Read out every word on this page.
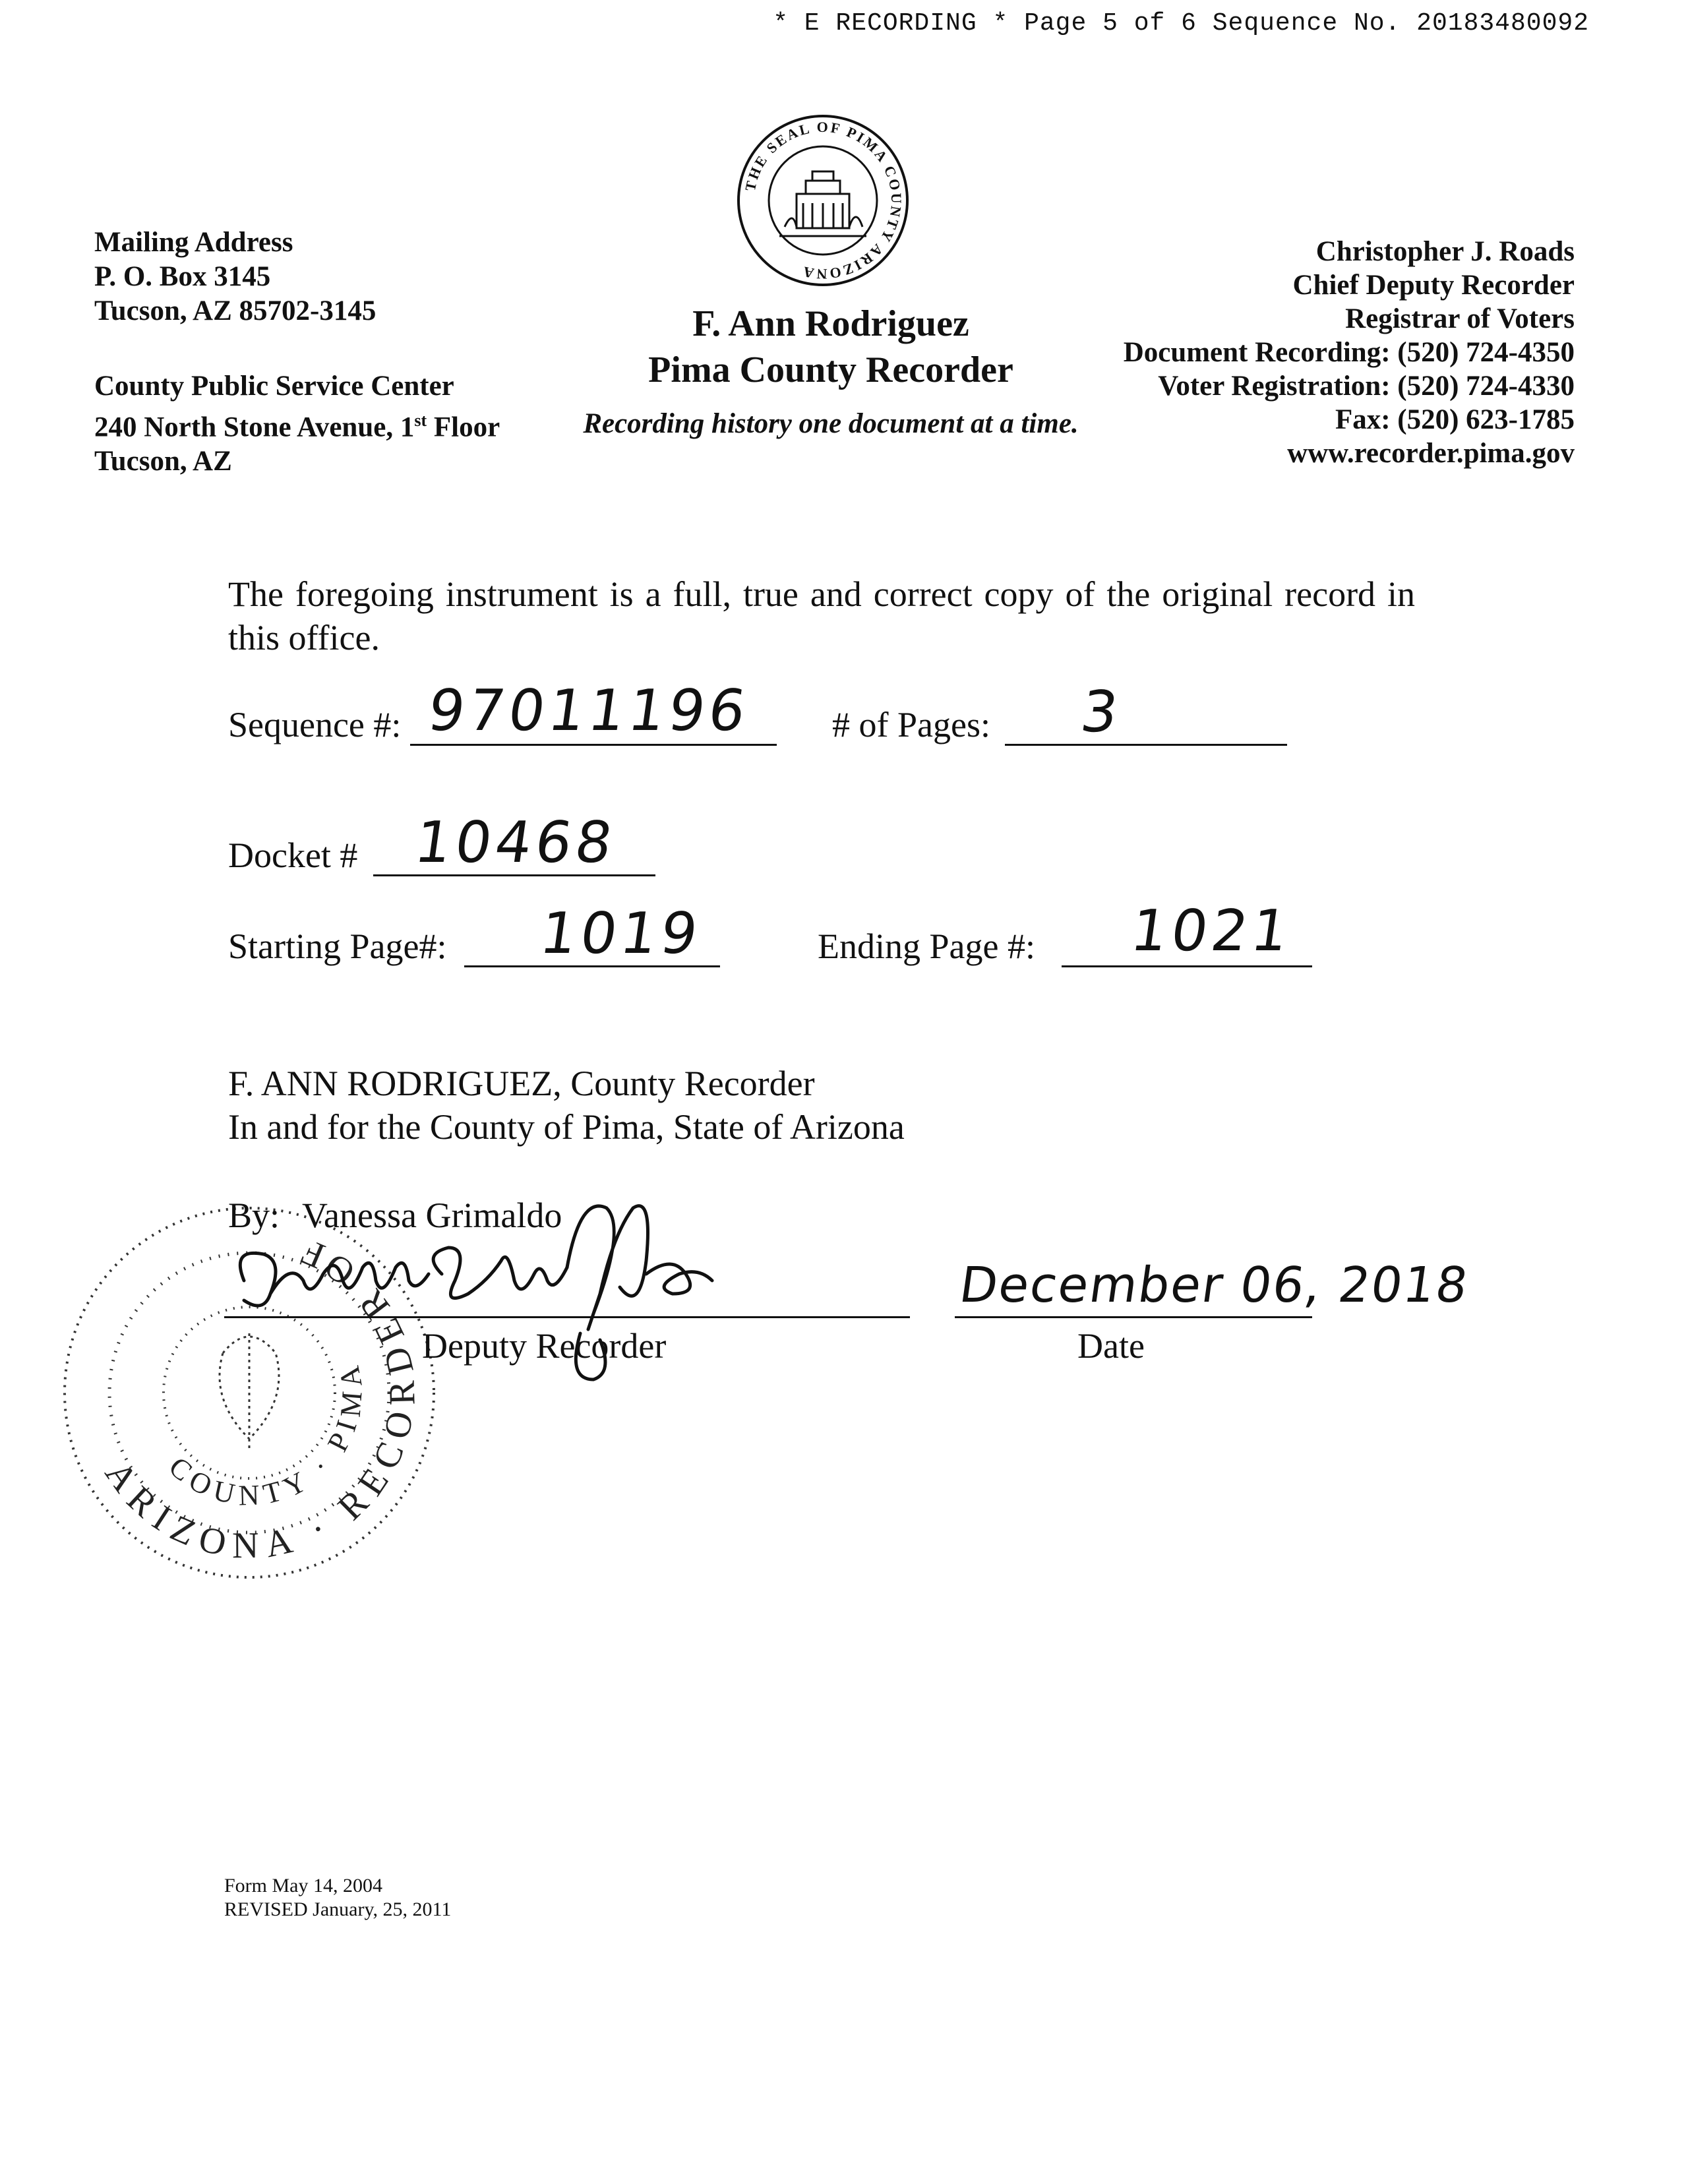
* E RECORDING * Page 5 of 6 Sequence No. 20183480092
THE SEAL OF PIMA COUNTY ARIZONA
Mailing Address
P. O. Box 3145
Tucson, AZ 85702-3145
County Public Service Center
240 North Stone Avenue, 1st Floor
Tucson, AZ
F. Ann Rodriguez
Pima County Recorder
Recording history one document at a time.
Christopher J. Roads
Chief Deputy Recorder
Registrar of Voters
Document Recording: (520) 724-4350
Voter Registration: (520) 724-4330
Fax: (520) 623-1785
www.recorder.pima.gov
The foregoing instrument is a full, true and correct copy of the original record in this office.
Sequence #: 97011196 # of Pages: 3
Docket # 10468
Starting Page#: 1019	Ending Page #: 1021
F. ANN RODRIGUEZ, County Recorder
In and for the County of Pima, State of Arizona
ARIZONA · RECORDER OF
COUNTY · PIMA
By: Vanessa Grimaldo
Deputy Recorder
December 06, 2018
Date
Form May 14, 2004
REVISED January, 25, 2011
